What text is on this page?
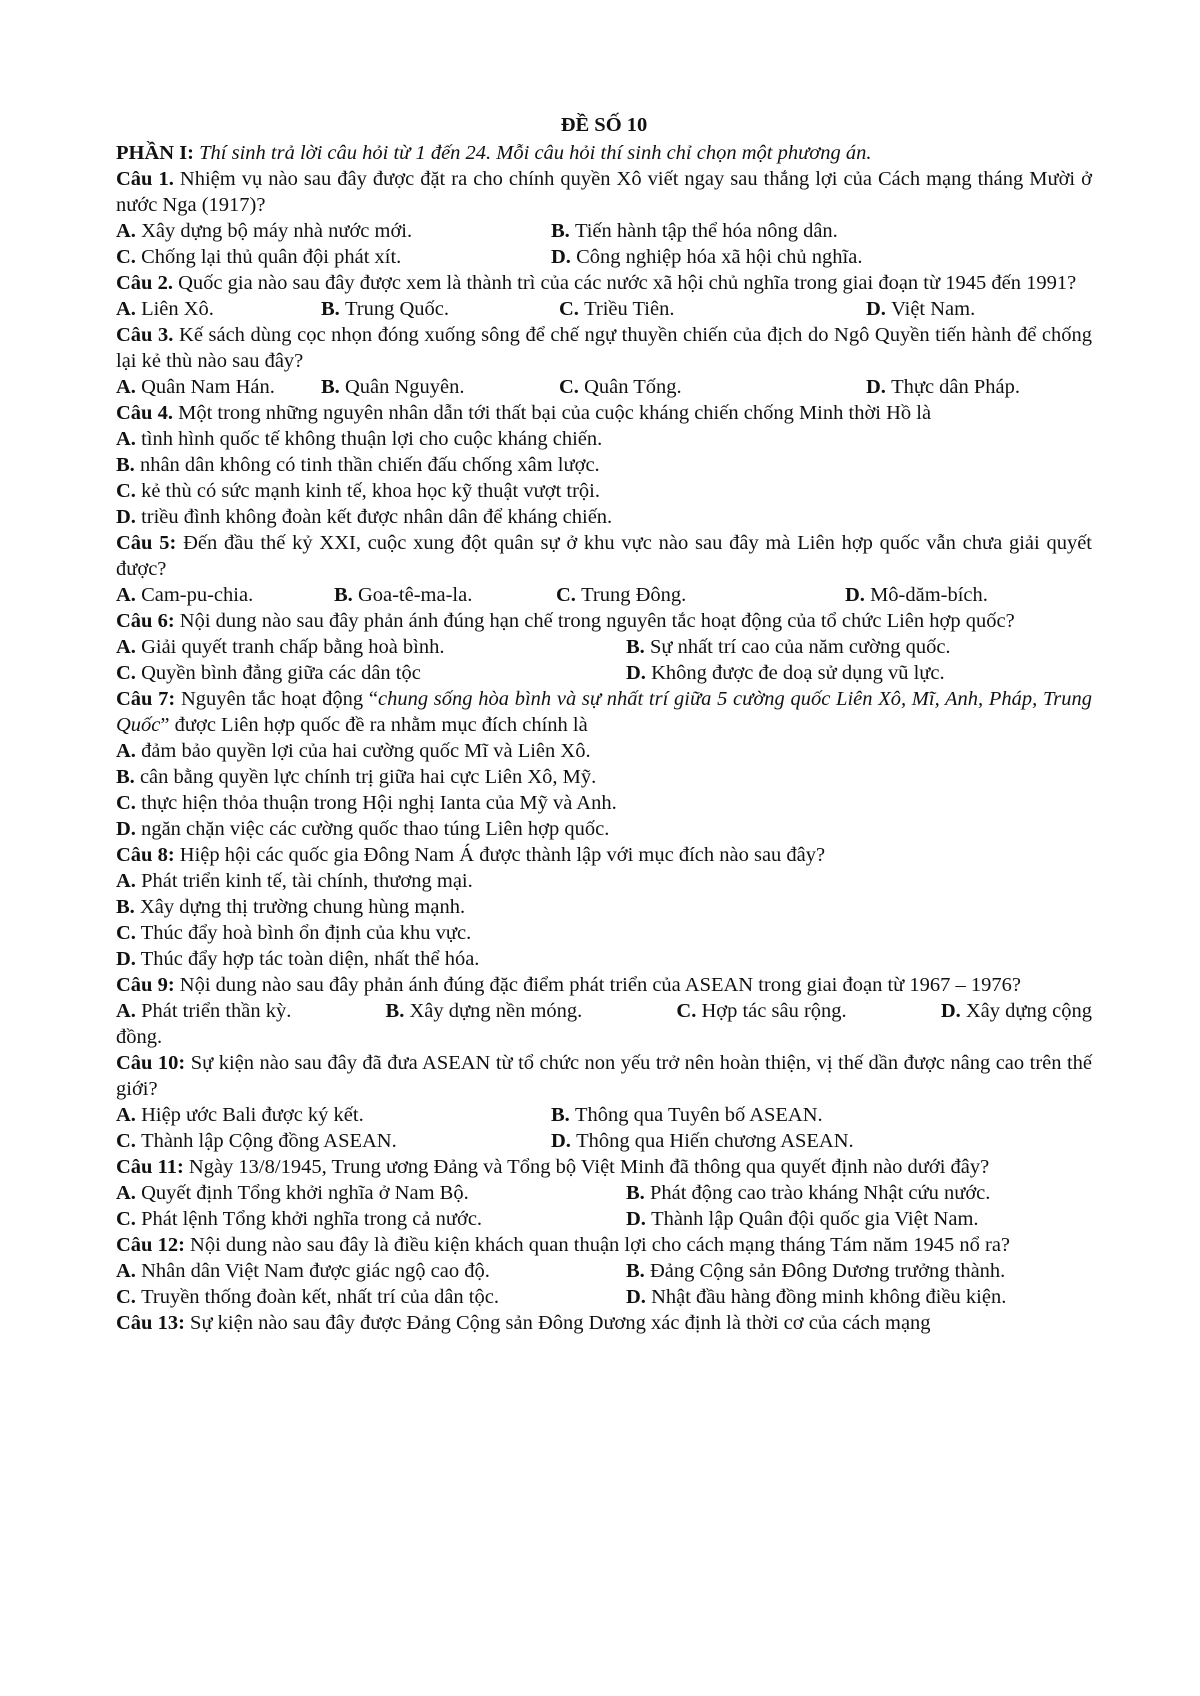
ĐỀ SỐ 10
PHẦN I: Thí sinh trả lời câu hỏi từ 1 đến 24. Mỗi câu hỏi thí sinh chỉ chọn một phương án.
Câu 1. Nhiệm vụ nào sau đây được đặt ra cho chính quyền Xô viết ngay sau thắng lợi của Cách mạng tháng Mười ở nước Nga (1917)?
A. Xây dựng bộ máy nhà nước mới.	B. Tiến hành tập thể hóa nông dân.
C. Chống lại thủ quân đội phát xít.	D. Công nghiệp hóa xã hội chủ nghĩa.
Câu 2. Quốc gia nào sau đây được xem là thành trì của các nước xã hội chủ nghĩa trong giai đoạn từ 1945 đến 1991?
A. Liên Xô.	B. Trung Quốc.	C. Triều Tiên.	D. Việt Nam.
Câu 3. Kế sách dùng cọc nhọn đóng xuống sông để chế ngự thuyền chiến của địch do Ngô Quyền tiến hành để chống lại kẻ thù nào sau đây?
A. Quân Nam Hán.	B. Quân Nguyên.	C. Quân Tống.	D. Thực dân Pháp.
Câu 4. Một trong những nguyên nhân dẫn tới thất bại của cuộc kháng chiến chống Minh thời Hồ là
A. tình hình quốc tế không thuận lợi cho cuộc kháng chiến.
B. nhân dân không có tinh thần chiến đấu chống xâm lược.
C. kẻ thù có sức mạnh kinh tế, khoa học kỹ thuật vượt trội.
D. triều đình không đoàn kết được nhân dân để kháng chiến.
Câu 5: Đến đầu thế kỷ XXI, cuộc xung đột quân sự ở khu vực nào sau đây mà Liên hợp quốc vẫn chưa giải quyết được?
A. Cam-pu-chia.	B. Goa-tê-ma-la.	C. Trung Đông.	D. Mô-dăm-bích.
Câu 6: Nội dung nào sau đây phản ánh đúng hạn chế trong nguyên tắc hoạt động của tổ chức Liên hợp quốc?
A. Giải quyết tranh chấp bằng hoà bình.	B. Sự nhất trí cao của năm cường quốc.
C. Quyền bình đẳng giữa các dân tộc	D. Không được đe doạ sử dụng vũ lực.
Câu 7: Nguyên tắc hoạt động “chung sống hòa bình và sự nhất trí giữa 5 cường quốc Liên Xô, Mĩ, Anh, Pháp, Trung Quốc” được Liên hợp quốc đề ra nhằm mục đích chính là
A. đảm bảo quyền lợi của hai cường quốc Mĩ và Liên Xô.
B. cân bằng quyền lực chính trị giữa hai cực Liên Xô, Mỹ.
C. thực hiện thỏa thuận trong Hội nghị Ianta của Mỹ và Anh.
D. ngăn chặn việc các cường quốc thao túng Liên hợp quốc.
Câu 8: Hiệp hội các quốc gia Đông Nam Á được thành lập với mục đích nào sau đây?
A. Phát triển kinh tế, tài chính, thương mại.
B. Xây dựng thị trường chung hùng mạnh.
C. Thúc đẩy hoà bình ổn định của khu vực.
D. Thúc đẩy hợp tác toàn diện, nhất thể hóa.
Câu 9: Nội dung nào sau đây phản ánh đúng đặc điểm phát triển của ASEAN trong giai đoạn từ 1967 – 1976?
A. Phát triển thần kỳ.	B. Xây dựng nền móng.	C. Hợp tác sâu rộng.	D. Xây dựng cộng
đồng.
Câu 10: Sự kiện nào sau đây đã đưa ASEAN từ tổ chức non yếu trở nên hoàn thiện, vị thế dần được nâng cao trên thế giới?
A. Hiệp ước Bali được ký kết.	B. Thông qua Tuyên bố ASEAN.
C. Thành lập Cộng đồng ASEAN.	D. Thông qua Hiến chương ASEAN.
Câu 11: Ngày 13/8/1945, Trung ương Đảng và Tổng bộ Việt Minh đã thông qua quyết định nào dưới đây?
A. Quyết định Tổng khởi nghĩa ở Nam Bộ.	B. Phát động cao trào kháng Nhật cứu nước.
C. Phát lệnh Tổng khởi nghĩa trong cả nước.	D. Thành lập Quân đội quốc gia Việt Nam.
Câu 12: Nội dung nào sau đây là điều kiện khách quan thuận lợi cho cách mạng tháng Tám năm 1945 nổ ra?
A. Nhân dân Việt Nam được giác ngộ cao độ.	B. Đảng Cộng sản Đông Dương trưởng thành.
C. Truyền thống đoàn kết, nhất trí của dân tộc.	D. Nhật đầu hàng đồng minh không điều kiện.
Câu 13: Sự kiện nào sau đây được Đảng Cộng sản Đông Dương xác định là thời cơ của cách mạng
